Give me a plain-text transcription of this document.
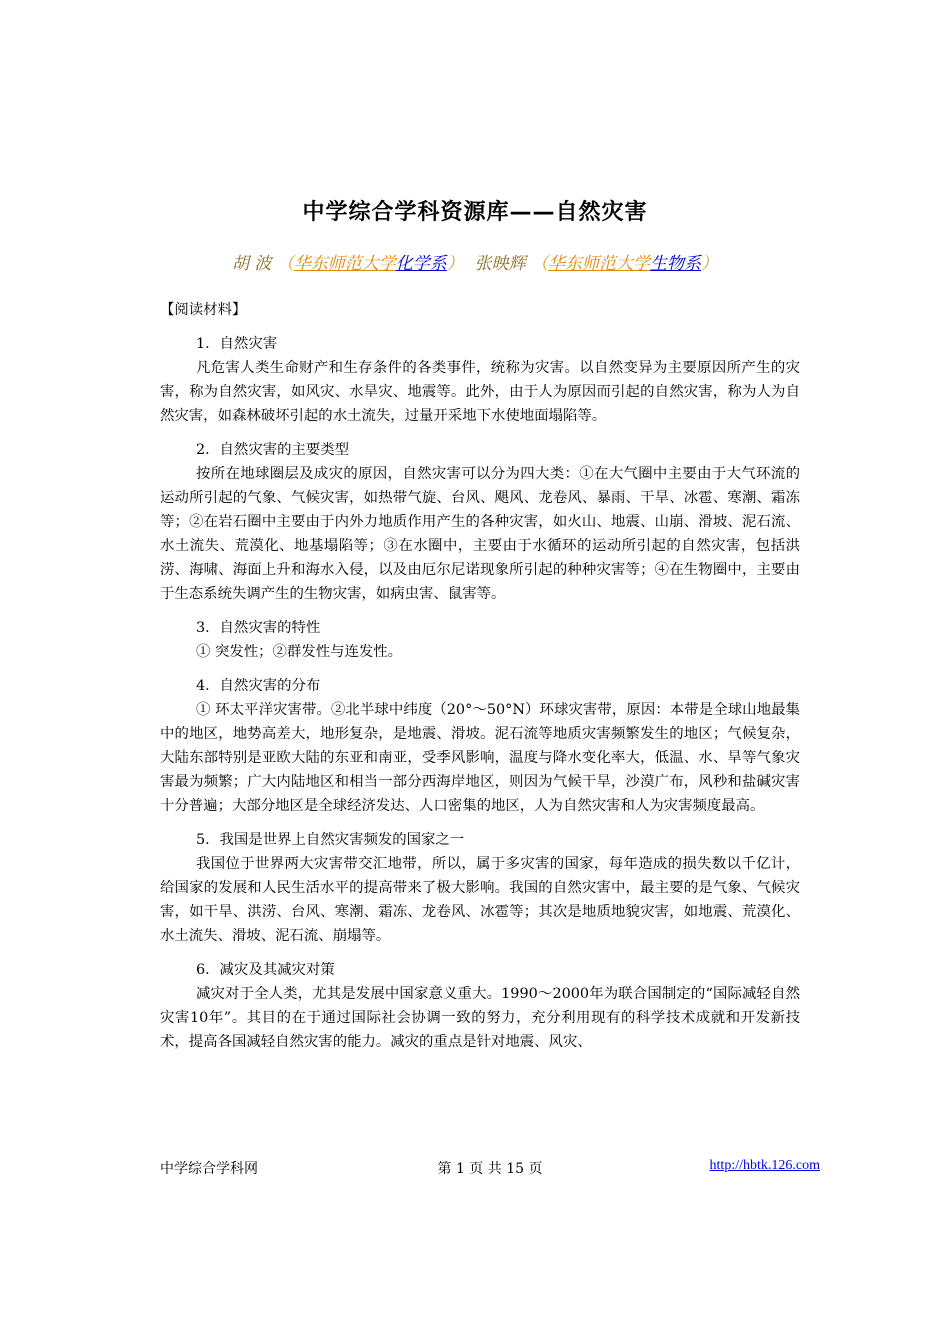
中学综合学科资源库——自然灾害
胡 波 （华东师范大学化学系） 张映辉 （华东师范大学生物系）

【阅读材料】

1．自然灾害

凡危害人类生命财产和生存条件的各类事件，统称为灾害。以自然变异为主要原因所产生的灾害，称为自然灾害，如风灾、水旱灾、地震等。此外，由于人为原因而引起的自然灾害，称为人为自然灾害，如森林破坏引起的水土流失，过量开采地下水使地面塌陷等。

2．自然灾害的主要类型

按所在地球圈层及成灾的原因，自然灾害可以分为四大类：①在大气圈中主要由于大气环流的运动所引起的气象、气候灾害，如热带气旋、台风、飓风、龙卷风、暴雨、干旱、冰雹、寒潮、霜冻等；②在岩石圈中主要由于内外力地质作用产生的各种灾害，如火山、地震、山崩、滑坡、泥石流、水土流失、荒漠化、地基塌陷等；③在水圈中，主要由于水循环的运动所引起的自然灾害，包括洪涝、海啸、海面上升和海水入侵，以及由厄尔尼诺现象所引起的种种灾害等；④在生物圈中，主要由于生态系统失调产生的生物灾害，如病虫害、鼠害等。

3．自然灾害的特性

① 突发性；②群发性与连发性。

4．自然灾害的分布

① 环太平洋灾害带。②北半球中纬度（20°～50°N）环球灾害带，原因：本带是全球山地最集中的地区，地势高差大，地形复杂，是地震、滑坡。泥石流等地质灾害频繁发生的地区；气候复杂，大陆东部特别是亚欧大陆的东亚和南亚，受季风影响，温度与降水变化率大，低温、水、旱等气象灾害最为频繁；广大内陆地区和相当一部分西海岸地区，则因为气候干旱，沙漠广布，风秒和盐碱灾害十分普遍；大部分地区是全球经济发达、人口密集的地区，人为自然灾害和人为灾害频度最高。

5．我国是世界上自然灾害频发的国家之一

我国位于世界两大灾害带交汇地带，所以，属于多灾害的国家，每年造成的损失数以千亿计，给国家的发展和人民生活水平的提高带来了极大影响。我国的自然灾害中，最主要的是气象、气候灾害，如干旱、洪涝、台风、寒潮、霜冻、龙卷风、冰雹等；其次是地质地貌灾害，如地震、荒漠化、水土流失、滑坡、泥石流、崩塌等。

6．减灾及其减灾对策

减灾对于全人类，尤其是发展中国家意义重大。1990～2000年为联合国制定的“国际减轻自然灾害10年”。其目的在于通过国际社会协调一致的努力，充分利用现有的科学技术成就和开发新技术，提高各国减轻自然灾害的能力。减灾的重点是针对地震、风灾、

中学综合学科网	第 1 页 共 15 页	http://hbtk.126.com
